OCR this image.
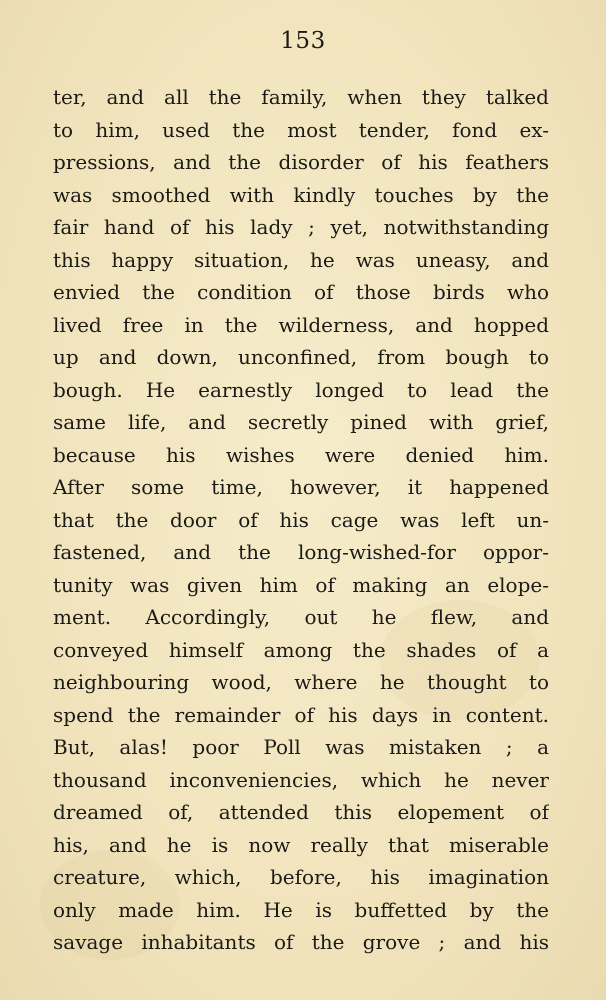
153
ter, and all the family, when they talked
to him, used the most tender, fond ex-
pressions, and the disorder of his feathers
was smoothed with kindly touches by the
fair hand of his lady ; yet, notwithstanding
this happy situation, he was uneasy, and
envied the condition of those birds who
lived free in the wilderness, and hopped
up and down, unconfined, from bough to
bough. He earnestly longed to lead the
same life, and secretly pined with grief,
because his wishes were denied him.
After some time, however, it happened
that the door of his cage was left un-
fastened, and the long-wished-for oppor-
tunity was given him of making an elope-
ment. Accordingly, out he flew, and
conveyed himself among the shades of a
neighbouring wood, where he thought to
spend the remainder of his days in content.
But, alas! poor Poll was mistaken ; a
thousand inconveniencies, which he never
dreamed of, attended this elopement of
his, and he is now really that miserable
creature, which, before, his imagination
only made him. He is buffetted by the
savage inhabitants of the grove ; and his
